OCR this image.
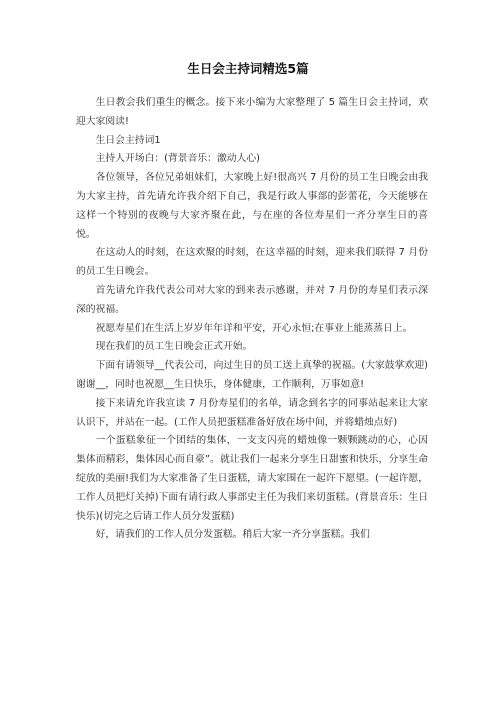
生日会主持词精选5篇

生日教会我们重生的概念。接下来小编为大家整理了 5 篇生日会主持词，欢迎大家阅读!

生日会主持词1

主持人开场白：(背景音乐：激动人心)

各位领导，各位兄弟姐妹们，大家晚上好!很高兴 7 月份的员工生日晚会由我为大家主持，首先请允许我介绍下自己，我是行政人事部的彭蕾花，今天能够在这样一个特别的夜晚与大家齐聚在此，与在座的各位寿星们一齐分享生日的喜悦。

在这动人的时刻，在这欢聚的时刻，在这幸福的时刻，迎来我们联得 7 月份的员工生日晚会。

首先请允许我代表公司对大家的到来表示感谢，并对 7 月份的寿星们表示深深的祝福。

祝愿寿星们在生活上岁岁年年详和平安，开心永恒;在事业上能蒸蒸日上。

现在我们的员工生日晚会正式开始。

下面有请领导__代表公司，向过生日的员工送上真挚的祝福。(大家鼓掌欢迎) 谢谢__，同时也祝愿__生日快乐，身体健康，工作顺利，万事如意!

接下来请允许我宣读 7 月份寿星们的名单，请念到名字的同事站起来让大家认识下，并站在一起。(工作人员把蛋糕准备好放在场中间，并将蜡烛点好)

一个蛋糕象征一个团结的集体，一支支闪亮的蜡烛像一颗颗跳动的心，心因集体而精彩，集体因心而自豪”。就让我们一起来分享生日甜蜜和快乐，分享生命绽放的美丽!我们为大家准备了生日蛋糕，请大家围在一起许下愿望。(一起许愿，工作人员把灯关掉)下面有请行政人事部史主任为我们来切蛋糕。(背景音乐：生日快乐)(切完之后请工作人员分发蛋糕)

好，请我们的工作人员分发蛋糕。稍后大家一齐分享蛋糕。我们
